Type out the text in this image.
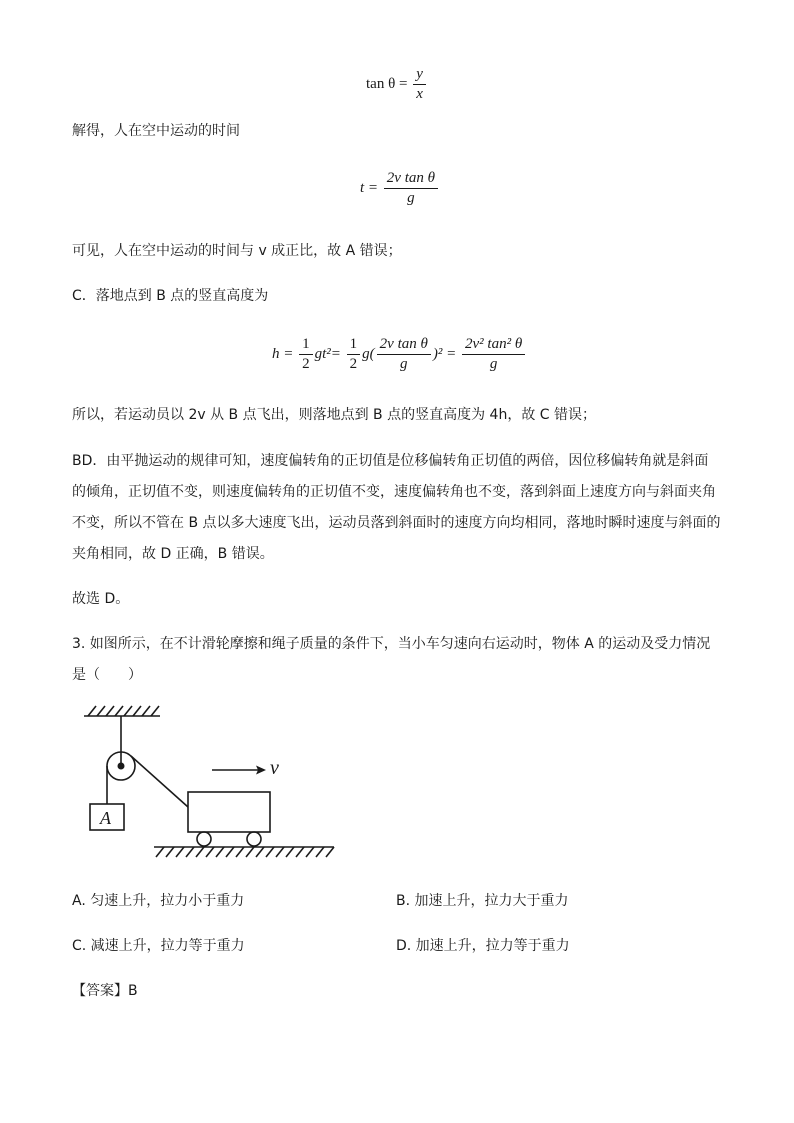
$\tan \theta = \frac{y}{x}$
解得，人在空中运动的时间
$t = \frac{\text{2v tan θ}}{g}$
可见，人在空中运动的时间与 v 成正比，故 A 错误；
C．落地点到 B 点的竖直高度为
$h = \frac{1}{2} gt^2= \frac{1}{2} g( \frac{\text{2v tan θ}}{g} )^2 = \frac{\text{2v² tan² θ}}{g}$
所以，若运动员以 2v 从 B 点飞出，则落地点到 B 点的竖直高度为 4h，故 C 错误；
BD．由平抛运动的规律可知，速度偏转角的正切值是位移偏转角正切值的两倍，因位移偏转角就是斜面的倾角，正切值不变，则速度偏转角的正切值不变，速度偏转角也不变，落到斜面上速度方向与斜面夹角不变，所以不管在 B 点以多大速度飞出，运动员落到斜面时的速度方向均相同，落地时瞬时速度与斜面的夹角相同，故 D 正确，B 错误。
故选 D。
3. 如图所示，在不计滑轮摩擦和绳子质量的条件下，当小车匀速向右运动时，物体 A 的运动及受力情况是（　　）
A
v
A. 匀速上升，拉力小于重力	B. 加速上升，拉力大于重力
C. 减速上升，拉力等于重力	D. 加速上升，拉力等于重力
【答案】B
